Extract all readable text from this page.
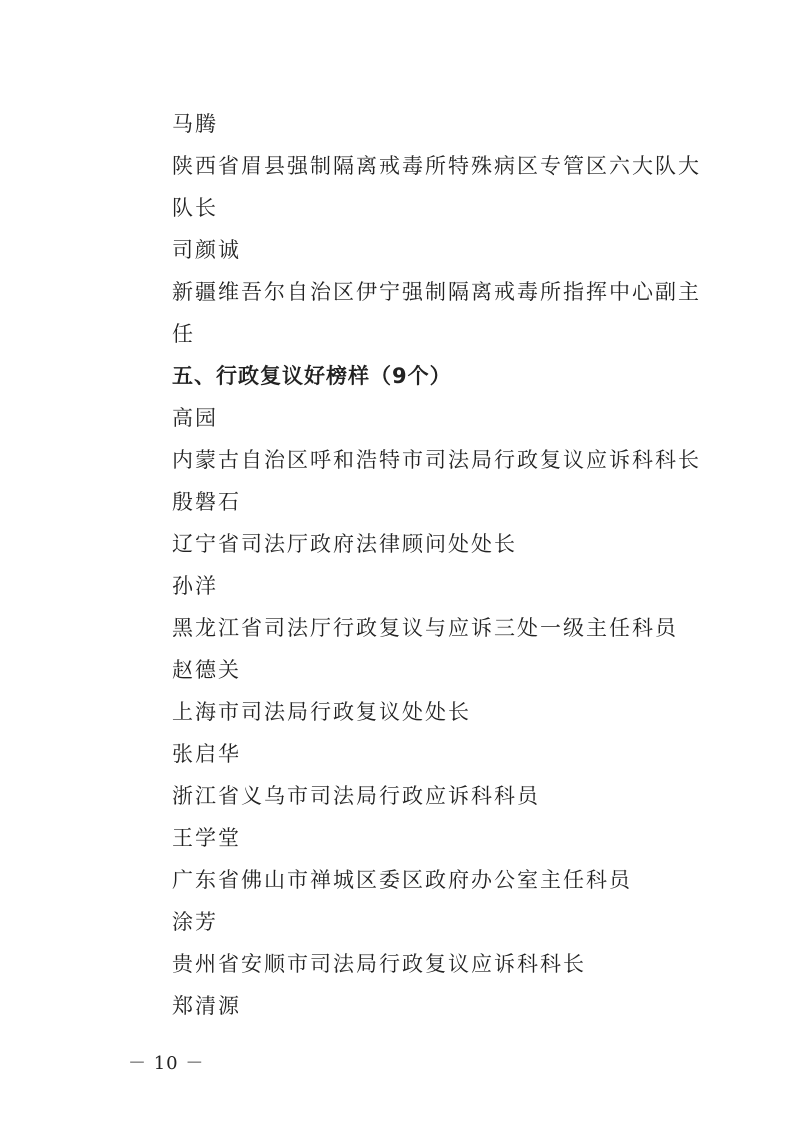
马腾
陕西省眉县强制隔离戒毒所特殊病区专管区六大队大
队长
司颜诚
新疆维吾尔自治区伊宁强制隔离戒毒所指挥中心副主
任
五、行政复议好榜样（9个）
高园
内蒙古自治区呼和浩特市司法局行政复议应诉科科长
殷磐石
辽宁省司法厅政府法律顾问处处长
孙洋
黑龙江省司法厅行政复议与应诉三处一级主任科员
赵德关
上海市司法局行政复议处处长
张启华
浙江省义乌市司法局行政应诉科科员
王学堂
广东省佛山市禅城区委区政府办公室主任科员
涂芳
贵州省安顺市司法局行政复议应诉科科长
郑清源
－ 10 －
